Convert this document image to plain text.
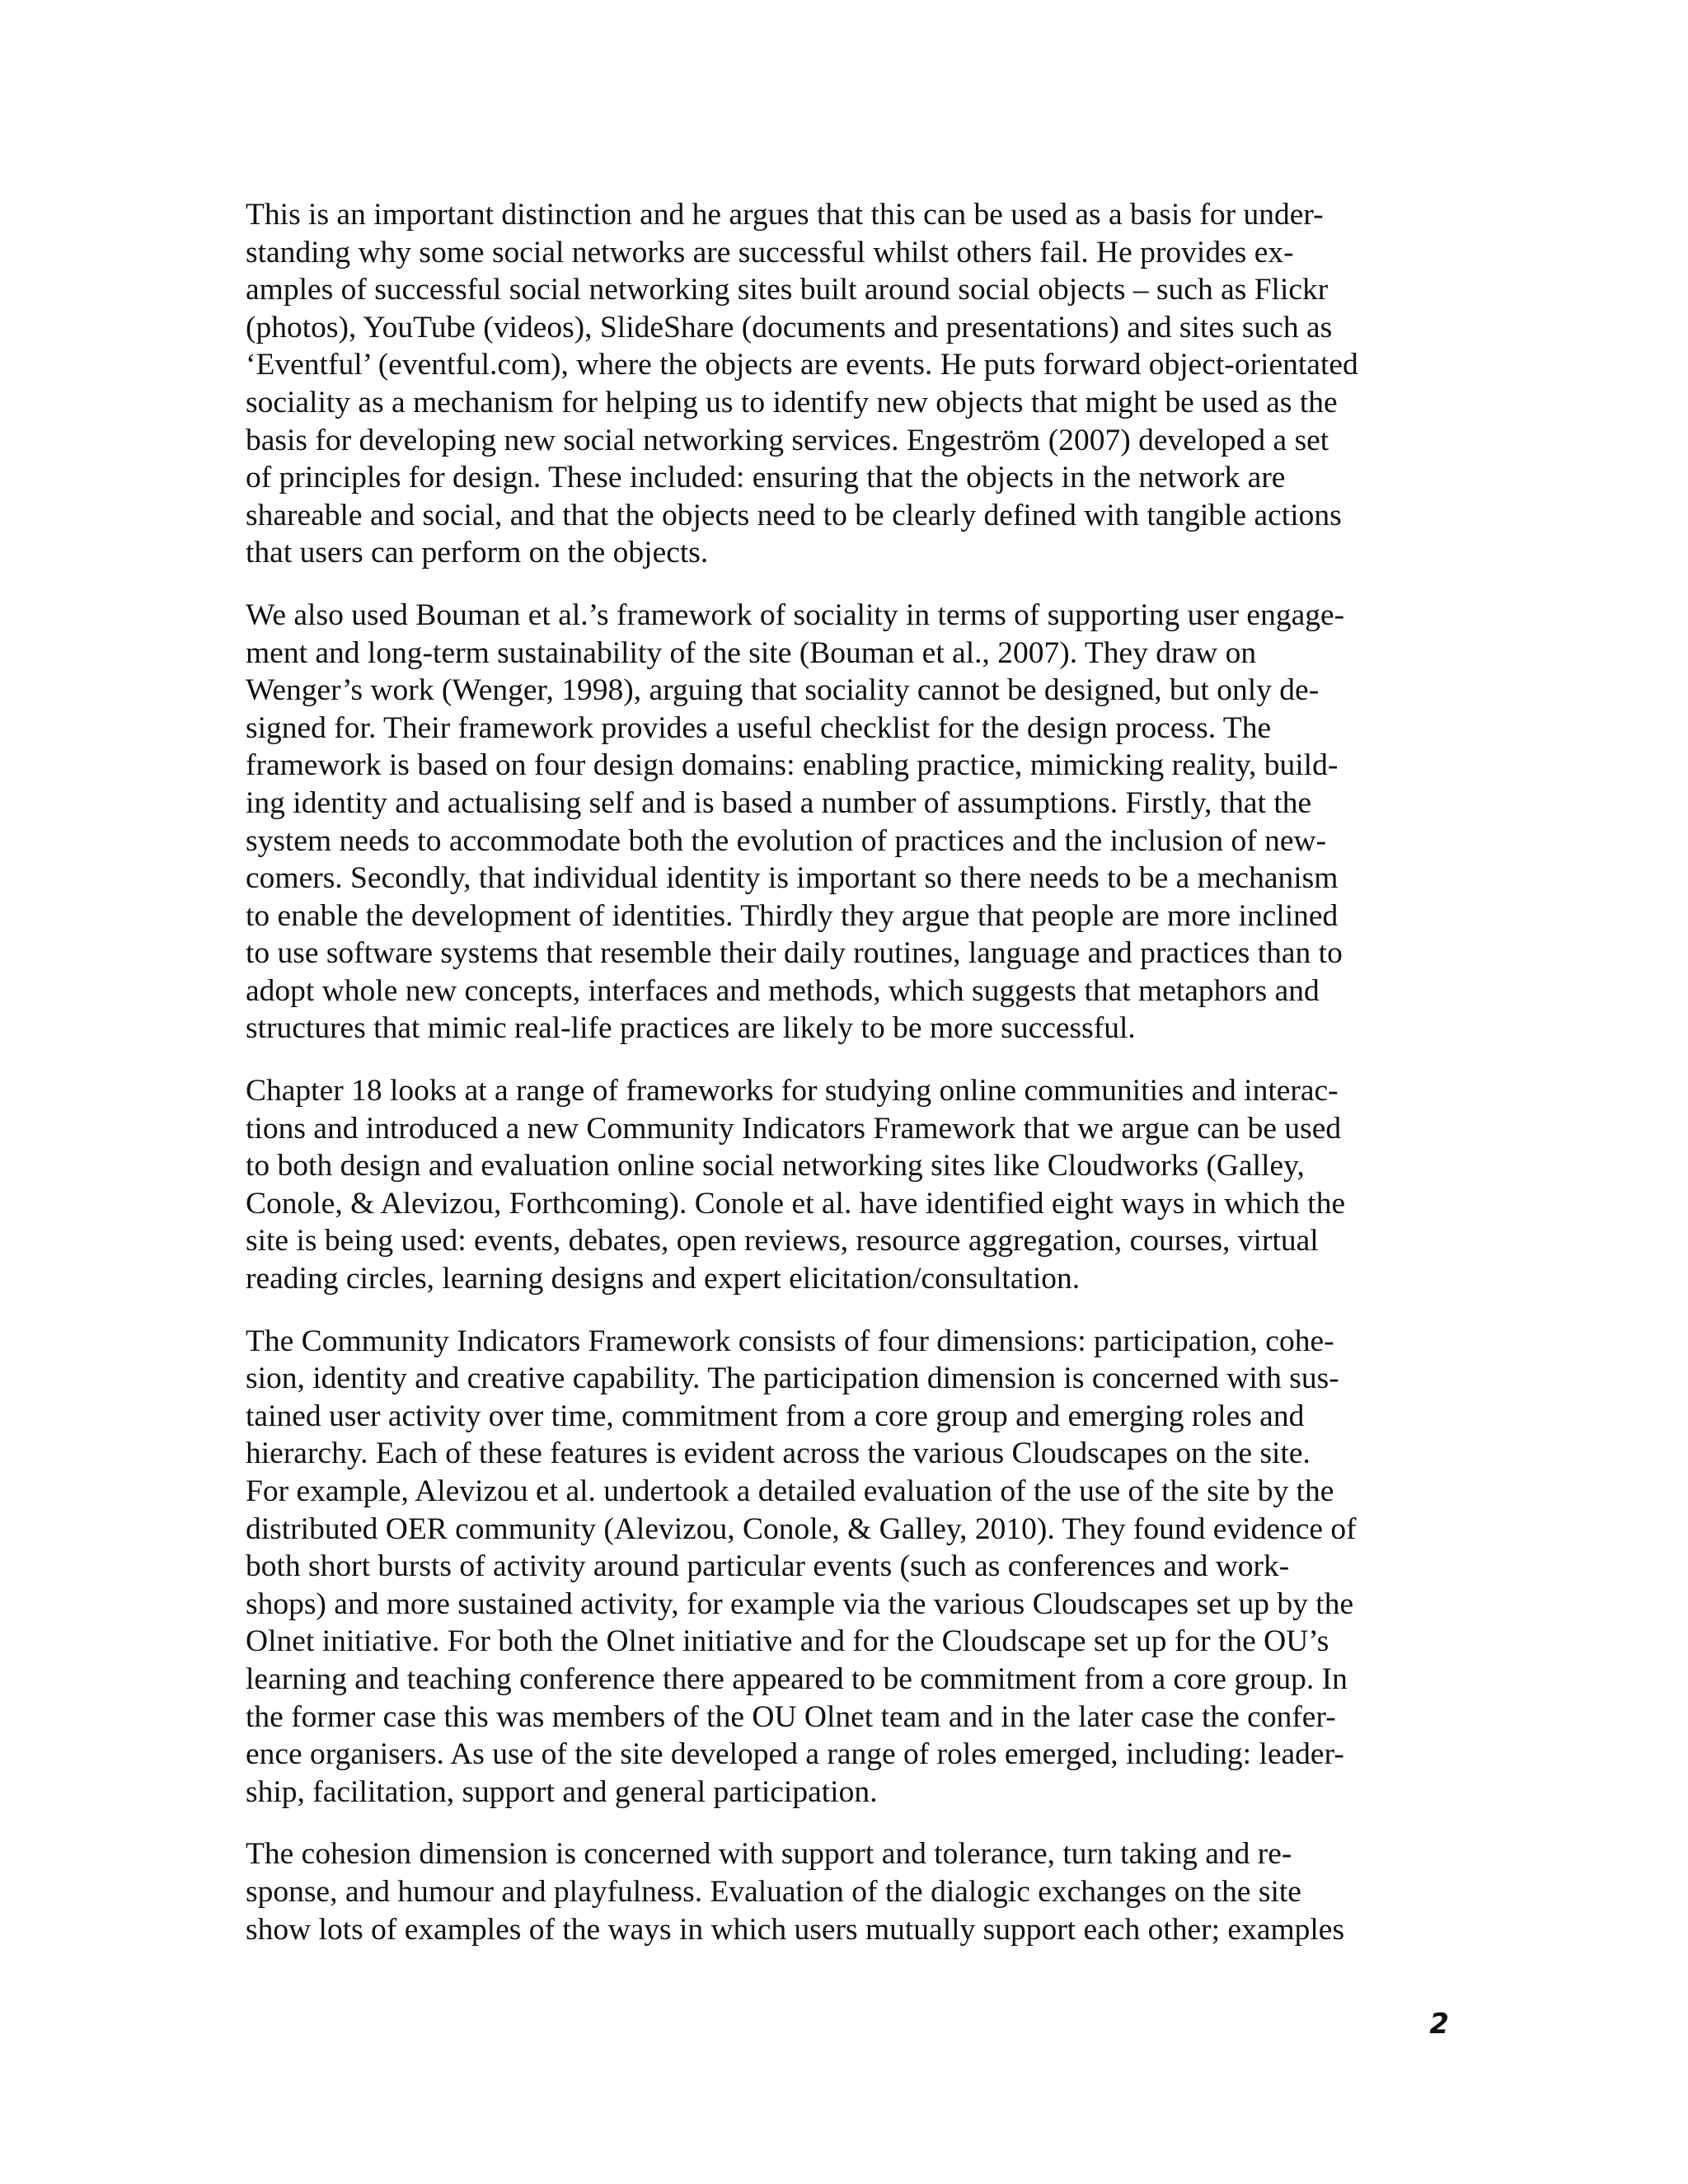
This is an important distinction and he argues that this can be used as a basis for under-
standing why some social networks are successful whilst others fail. He provides ex-
amples of successful social networking sites built around social objects – such as Flickr
(photos), YouTube (videos), SlideShare (documents and presentations) and sites such as
‘Eventful’ (eventful.com), where the objects are events. He puts forward object-orientated
sociality as a mechanism for helping us to identify new objects that might be used as the
basis for developing new social networking services. Engeström (2007) developed a set
of principles for design. These included: ensuring that the objects in the network are
shareable and social, and that the objects need to be clearly defined with tangible actions
that users can perform on the objects.

We also used Bouman et al.’s framework of sociality in terms of supporting user engage-
ment and long-term sustainability of the site (Bouman et al., 2007). They draw on
Wenger’s work (Wenger, 1998), arguing that sociality cannot be designed, but only de-
signed for. Their framework provides a useful checklist for the design process. The
framework is based on four design domains: enabling practice, mimicking reality, build-
ing identity and actualising self and is based a number of assumptions. Firstly, that the
system needs to accommodate both the evolution of practices and the inclusion of new-
comers. Secondly, that individual identity is important so there needs to be a mechanism
to enable the development of identities. Thirdly they argue that people are more inclined
to use software systems that resemble their daily routines, language and practices than to
adopt whole new concepts, interfaces and methods, which suggests that metaphors and
structures that mimic real-life practices are likely to be more successful.

Chapter 18 looks at a range of frameworks for studying online communities and interac-
tions and introduced a new Community Indicators Framework that we argue can be used
to both design and evaluation online social networking sites like Cloudworks (Galley,
Conole, & Alevizou, Forthcoming). Conole et al. have identified eight ways in which the
site is being used: events, debates, open reviews, resource aggregation, courses, virtual
reading circles, learning designs and expert elicitation/consultation.

The Community Indicators Framework consists of four dimensions: participation, cohe-
sion, identity and creative capability. The participation dimension is concerned with sus-
tained user activity over time, commitment from a core group and emerging roles and
hierarchy. Each of these features is evident across the various Cloudscapes on the site.
For example, Alevizou et al. undertook a detailed evaluation of the use of the site by the
distributed OER community (Alevizou, Conole, & Galley, 2010). They found evidence of
both short bursts of activity around particular events (such as conferences and work-
shops) and more sustained activity, for example via the various Cloudscapes set up by the
Olnet initiative. For both the Olnet initiative and for the Cloudscape set up for the OU’s
learning and teaching conference there appeared to be commitment from a core group. In
the former case this was members of the OU Olnet team and in the later case the confer-
ence organisers. As use of the site developed a range of roles emerged, including: leader-
ship, facilitation, support and general participation.

The cohesion dimension is concerned with support and tolerance, turn taking and re-
sponse, and humour and playfulness. Evaluation of the dialogic exchanges on the site
show lots of examples of the ways in which users mutually support each other; examples

2
